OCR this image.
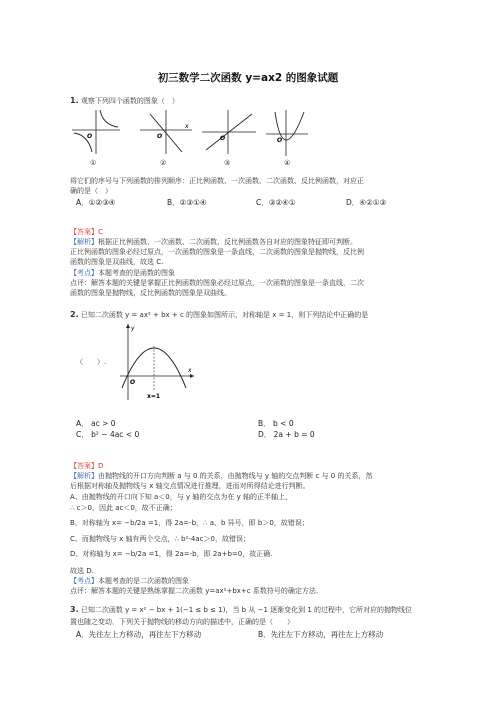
初三数学二次函数 y=ax2 的图象试题
1. 观察下列四个函数的图象（　）
O	O
x
O	O
①	②	③	④
将它们的序号与下列函数的排列顺序：正比例函数、一次函数、二次函数、反比例函数，对应正
确的是（　）
A．①②③④	B．②③①④	C．③②④①	D．④②①③
【答案】C
【解析】根据正比例函数、一次函数、二次函数、反比例函数各自对应的图象特征即可判断。
正比例函数的图象必经过原点，一次函数的图象是一条直线，二次函数的图象是抛物线，反比例
函数的图象是双曲线，故选 C.
【考点】本题考查的是函数的图象
点评：解答本题的关键是掌握正比例函数的图象必经过原点，一次函数的图象是一条直线，二次
函数的图象是抛物线，反比例函数的图象是双曲线。
2. 已知二次函数 y = ax² + bx + c 的图象如图所示，对称轴是 x = 1，则下列结论中正确的是
（　　）.
y
x
O
x=1
A． ac > 0	B． b < 0
C． b² − 4ac < 0	D． 2a + b = 0
【答案】D
【解析】由抛物线的开口方向判断 a 与 0 的关系，由抛物线与 y 轴的交点判断 c 与 0 的关系，然
后根据对称轴及抛物线与 x 轴交点情况进行推理，进而对所得结论进行判断。
A、由抛物线的开口向下知 a＜0，与 y 轴的交点为在 y 轴的正半轴上，
∴ c＞0，因此 ac＜0，故不正确；
B、对称轴为 x= −b/2a =1，得 2a=-b，∴ a、b 异号，即 b＞0，故错误；
C、而抛物线与 x 轴有两个交点，∴ b²-4ac＞0，故错误；
D、对称轴为 x= −b/2a =1，得 2a=-b，即 2a+b=0，故正确.
故选 D.
【考点】本题考查的是二次函数的图象
点评：解答本题的关键是熟练掌握二次函数 y=ax²+bx+c 系数符号的确定方法.
3. 已知二次函数 y = x² − bx + 1(−1 ≤ b ≤ 1)，当 b 从 −1 逐渐变化到 1 的过程中，它所对应的抛物线位
置也随之变动．下列关于抛物线的移动方向的描述中，正确的是（　　）
A．先往左上方移动，再往左下方移动	B．先往左下方移动，再往左上方移动
